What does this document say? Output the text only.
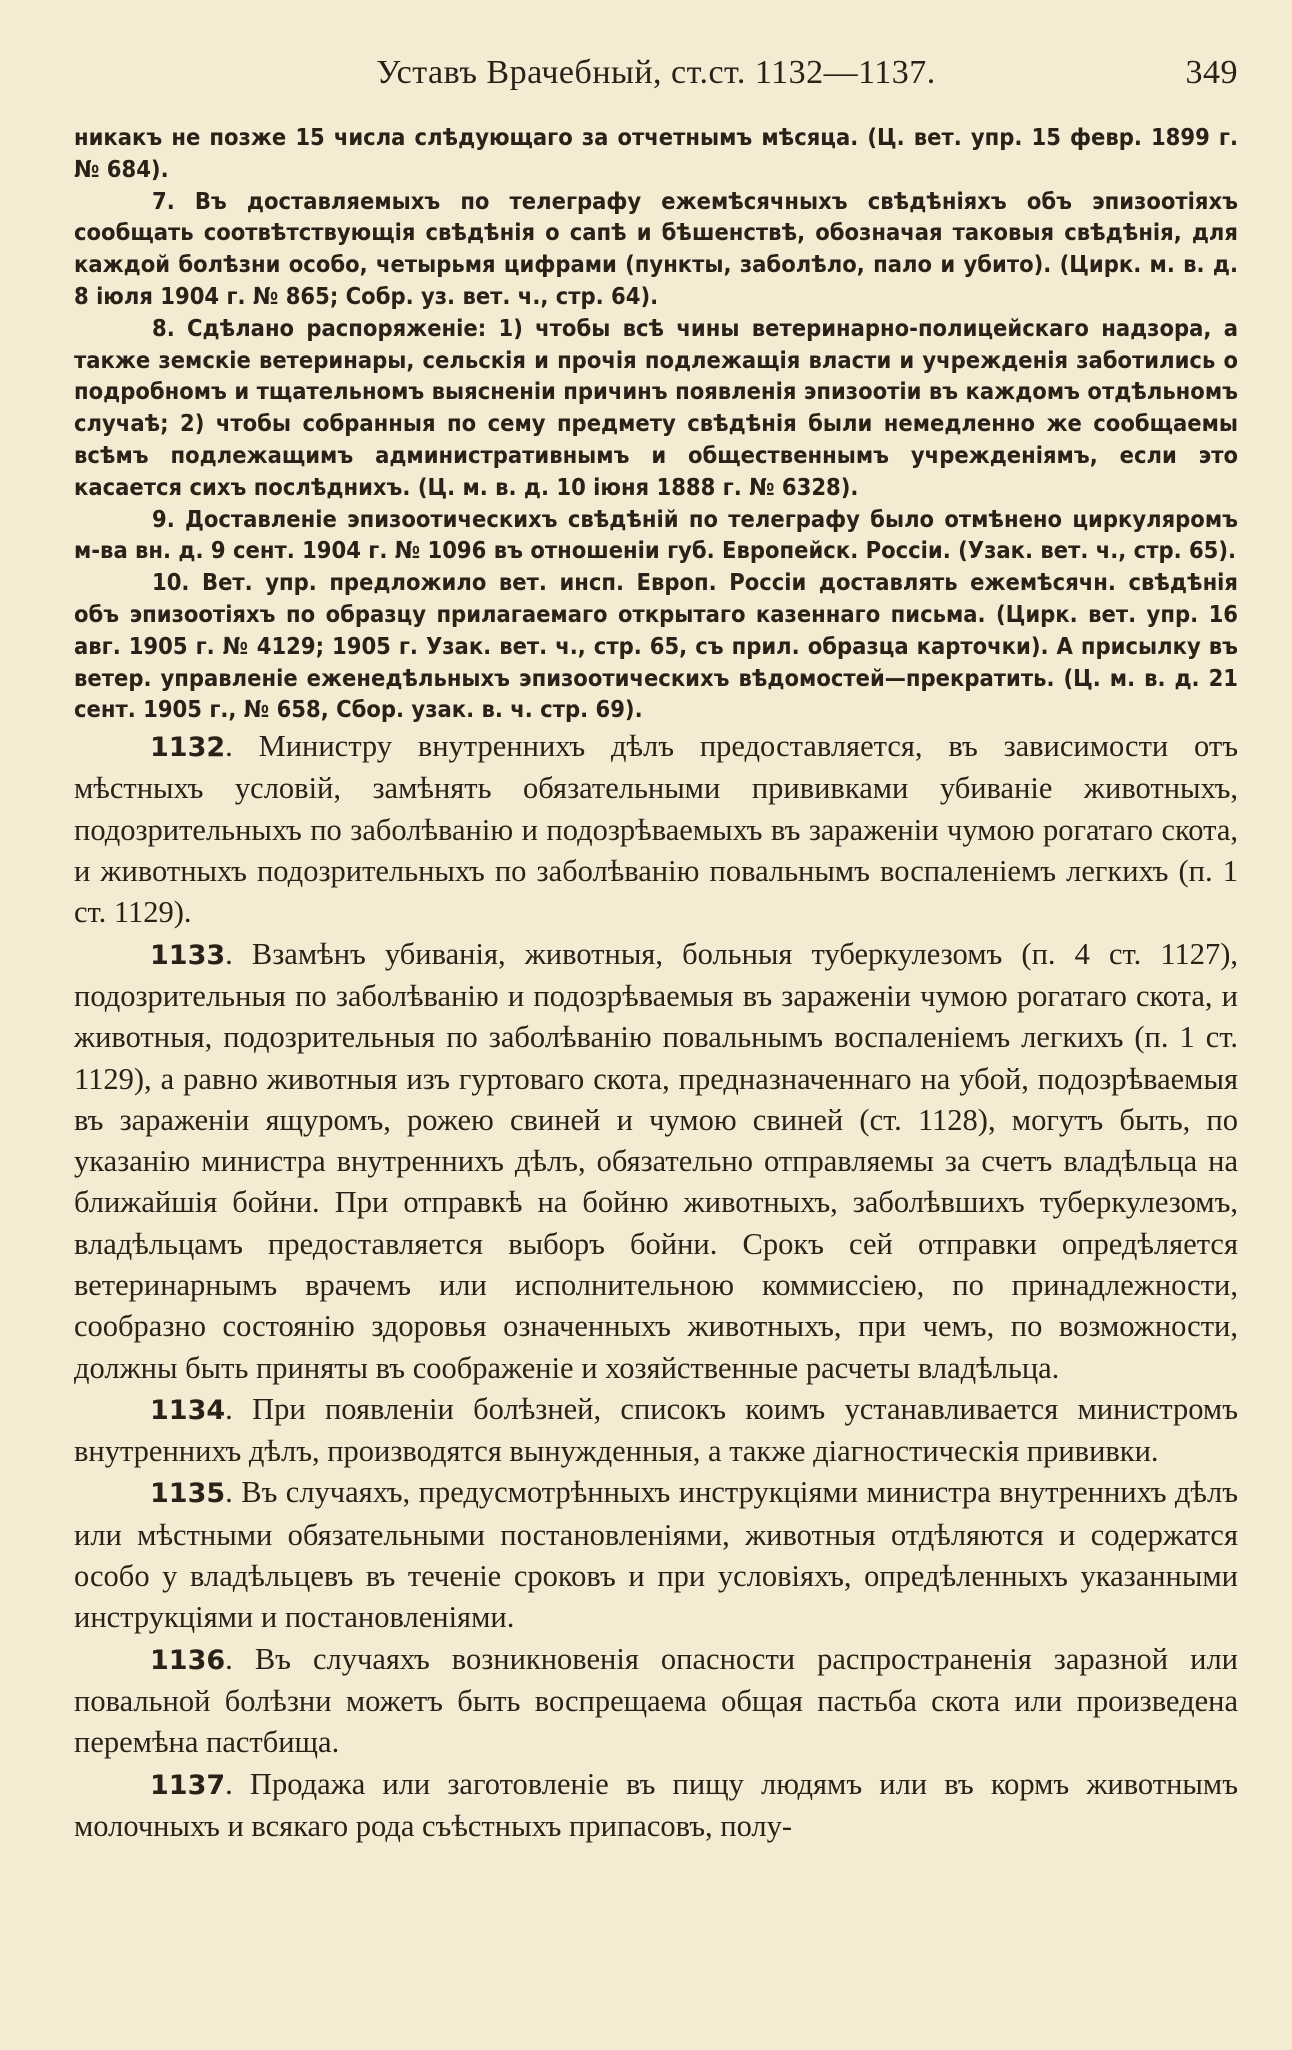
Уставъ Врачебный, ст.ст. 1132—1137.	349

никакъ не позже 15 числа слѣдующаго за отчетнымъ мѣсяца. (Ц. вет. упр. 15 февр. 1899 г. № 684).

7. Въ доставляемыхъ по телеграфу ежемѣсячныхъ свѣдѣніяхъ объ эпизоотіяхъ сообщать соотвѣтствующія свѣдѣнія о сапѣ и бѣшенствѣ, обозначая таковыя свѣдѣнія, для каждой болѣзни особо, четырьмя цифрами (пункты, заболѣло, пало и убито). (Цирк. м. в. д. 8 іюля 1904 г. № 865; Собр. уз. вет. ч., стр. 64).

8. Сдѣлано распоряженіе: 1) чтобы всѣ чины ветеринарно-полицейскаго надзора, а также земскіе ветеринары, сельскія и прочія подлежащія власти и учрежденія заботились о подробномъ и тщательномъ выясненіи причинъ появленія эпизоотіи въ каждомъ отдѣльномъ случаѣ; 2) чтобы собранныя по сему предмету свѣдѣнія были немедленно же сообщаемы всѣмъ подлежащимъ административнымъ и общественнымъ учрежденіямъ, если это касается сихъ послѣднихъ. (Ц. м. в. д. 10 іюня 1888 г. № 6328).

9. Доставленіе эпизоотическихъ свѣдѣній по телеграфу было отмѣнено циркуляромъ м-ва вн. д. 9 сент. 1904 г. № 1096 въ отношеніи губ. Европейск. Россіи. (Узак. вет. ч., стр. 65).

10. Вет. упр. предложило вет. инсп. Европ. Россіи доставлять ежемѣсячн. свѣдѣнія объ эпизоотіяхъ по образцу прилагаемаго открытаго казеннаго письма. (Цирк. вет. упр. 16 авг. 1905 г. № 4129; 1905 г. Узак. вет. ч., стр. 65, съ прил. образца карточки). А присылку въ ветер. управленіе еженедѣльныхъ эпизоотическихъ вѣдомостей—прекратить. (Ц. м. в. д. 21 сент. 1905 г., № 658, Сбор. узак. в. ч. стр. 69).

1132. Министру внутреннихъ дѣлъ предоставляется, въ зависимости отъ мѣстныхъ условій, замѣнять обязательными прививками убиваніе животныхъ, подозрительныхъ по заболѣванію и подозрѣваемыхъ въ зараженіи чумою рогатаго скота, и животныхъ подозрительныхъ по заболѣванію повальнымъ воспаленіемъ легкихъ (п. 1 ст. 1129).

1133. Взамѣнъ убиванія, животныя, больныя туберкулезомъ (п. 4 ст. 1127), подозрительныя по заболѣванію и подозрѣваемыя въ зараженіи чумою рогатаго скота, и животныя, подозрительныя по заболѣванію повальнымъ воспаленіемъ легкихъ (п. 1 ст. 1129), а равно животныя изъ гуртоваго скота, предназначеннаго на убой, подозрѣваемыя въ зараженіи ящуромъ, рожею свиней и чумою свиней (ст. 1128), могутъ быть, по указанію министра внутреннихъ дѣлъ, обязательно отправляемы за счетъ владѣльца на ближайшія бойни. При отправкѣ на бойню животныхъ, заболѣвшихъ туберкулезомъ, владѣльцамъ предоставляется выборъ бойни. Срокъ сей отправки опредѣляется ветеринарнымъ врачемъ или исполнительною коммиссіею, по принадлежности, сообразно состоянію здоровья означенныхъ животныхъ, при чемъ, по возможности, должны быть приняты въ соображеніе и хозяйственные расчеты владѣльца.

1134. При появленіи болѣзней, списокъ коимъ устанавливается министромъ внутреннихъ дѣлъ, производятся вынужденныя, а также діагностическія прививки.

1135. Въ случаяхъ, предусмотрѣнныхъ инструкціями министра внутреннихъ дѣлъ или мѣстными обязательными постановленіями, животныя отдѣляются и содержатся особо у владѣльцевъ въ теченіе сроковъ и при условіяхъ, опредѣленныхъ указанными инструкціями и постановленіями.

1136. Въ случаяхъ возникновенія опасности распространенія заразной или повальной болѣзни можетъ быть воспрещаема общая пастьба скота или произведена перемѣна пастбища.

1137. Продажа или заготовленіе въ пищу людямъ или въ кормъ животнымъ молочныхъ и всякаго рода съѣстныхъ припасовъ, полу-
